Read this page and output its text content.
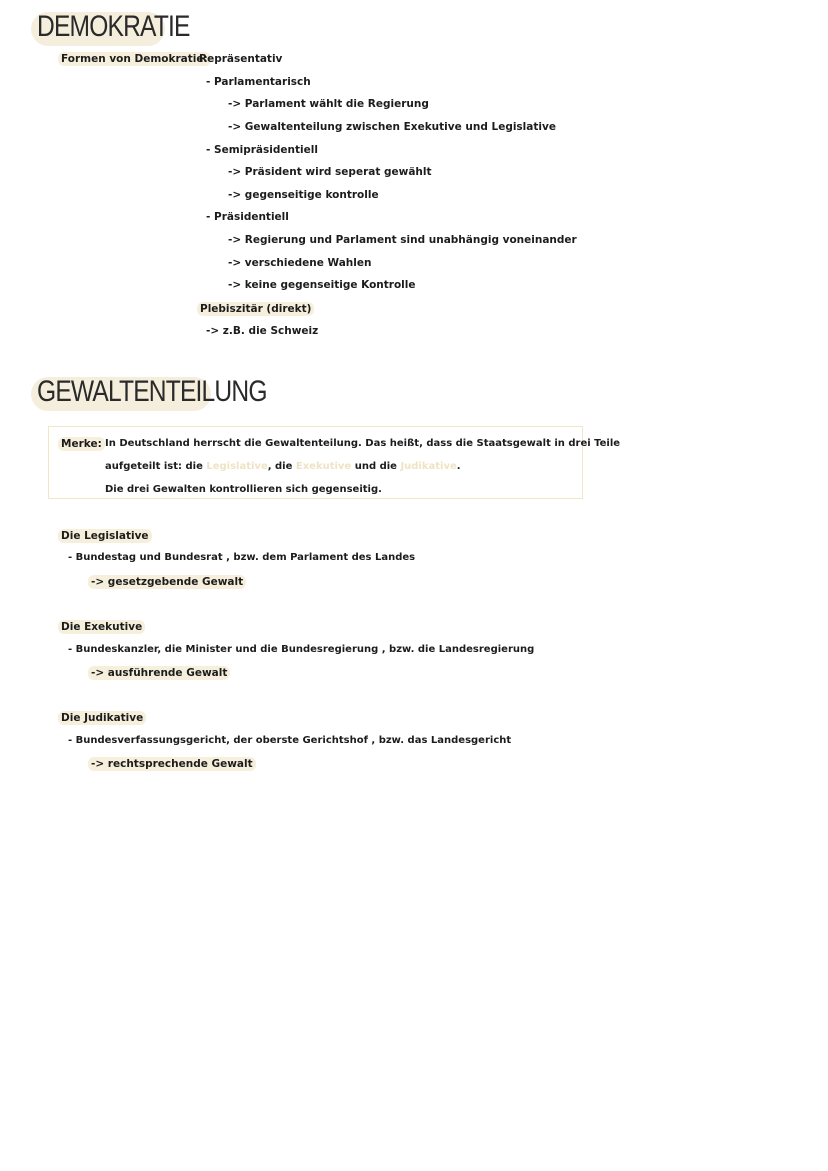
DEMOKRATIE
Formen von Demokratie:
Repräsentativ
- Parlamentarisch
-> Parlament wählt die Regierung
-> Gewaltenteilung zwischen Exekutive und Legislative
- Semipräsidentiell
-> Präsident wird seperat gewählt
-> gegenseitige kontrolle
- Präsidentiell
-> Regierung und Parlament sind unabhängig voneinander
-> verschiedene Wahlen
-> keine gegenseitige Kontrolle
Plebiszitär (direkt)
-> z.B. die Schweiz
GEWALTENTEILUNG
Merke: In Deutschland herrscht die Gewaltenteilung. Das heißt, dass die Staatsgewalt in drei Teile
aufgeteilt ist: die Legislative, die Exekutive und die Judikative.
Die drei Gewalten kontrollieren sich gegenseitig.
Die Legislative
- Bundestag und Bundesrat , bzw. dem Parlament des Landes
-> gesetzgebende Gewalt
Die Exekutive
- Bundeskanzler, die Minister und die Bundesregierung , bzw. die Landesregierung
-> ausführende Gewalt
Die Judikative
- Bundesverfassungsgericht, der oberste Gerichtshof , bzw. das Landesgericht
-> rechtsprechende Gewalt
